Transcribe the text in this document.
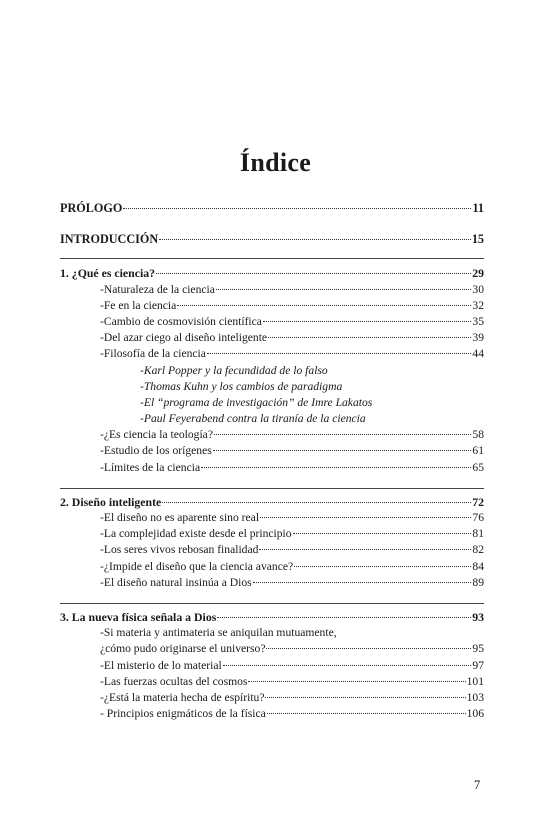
Índice
PRÓLOGO	11
INTRODUCCIÓN	15
1. ¿Qué es ciencia?	29
-Naturaleza de la ciencia	30
-Fe en la ciencia	32
-Cambio de cosmovisión científica	35
-Del azar ciego al diseño inteligente	39
-Filosofía de la ciencia	44
-Karl Popper y la fecundidad de lo falso
-Thomas Kuhn y los cambios de paradigma
-El “programa de investigación” de Imre Lakatos
-Paul Feyerabend contra la tiranía de la ciencia
-¿Es ciencia la teología?	58
-Estudio de los orígenes	61
-Límites de la ciencia	65
2. Diseño inteligente	72
-El diseño no es aparente sino real	76
-La complejidad existe desde el principio	81
-Los seres vivos rebosan finalidad	82
-¿Impide el diseño que la ciencia avance?	84
-El diseño natural insinúa a Dios	89
3. La nueva física señala a Dios	93
-Si materia y antimateria se aniquilan mutuamente,
¿cómo pudo originarse el universo?	95
-El misterio de lo material	97
-Las fuerzas ocultas del cosmos	101
-¿Está la materia hecha de espíritu?	103
- Principios enigmáticos de la física	106
7
